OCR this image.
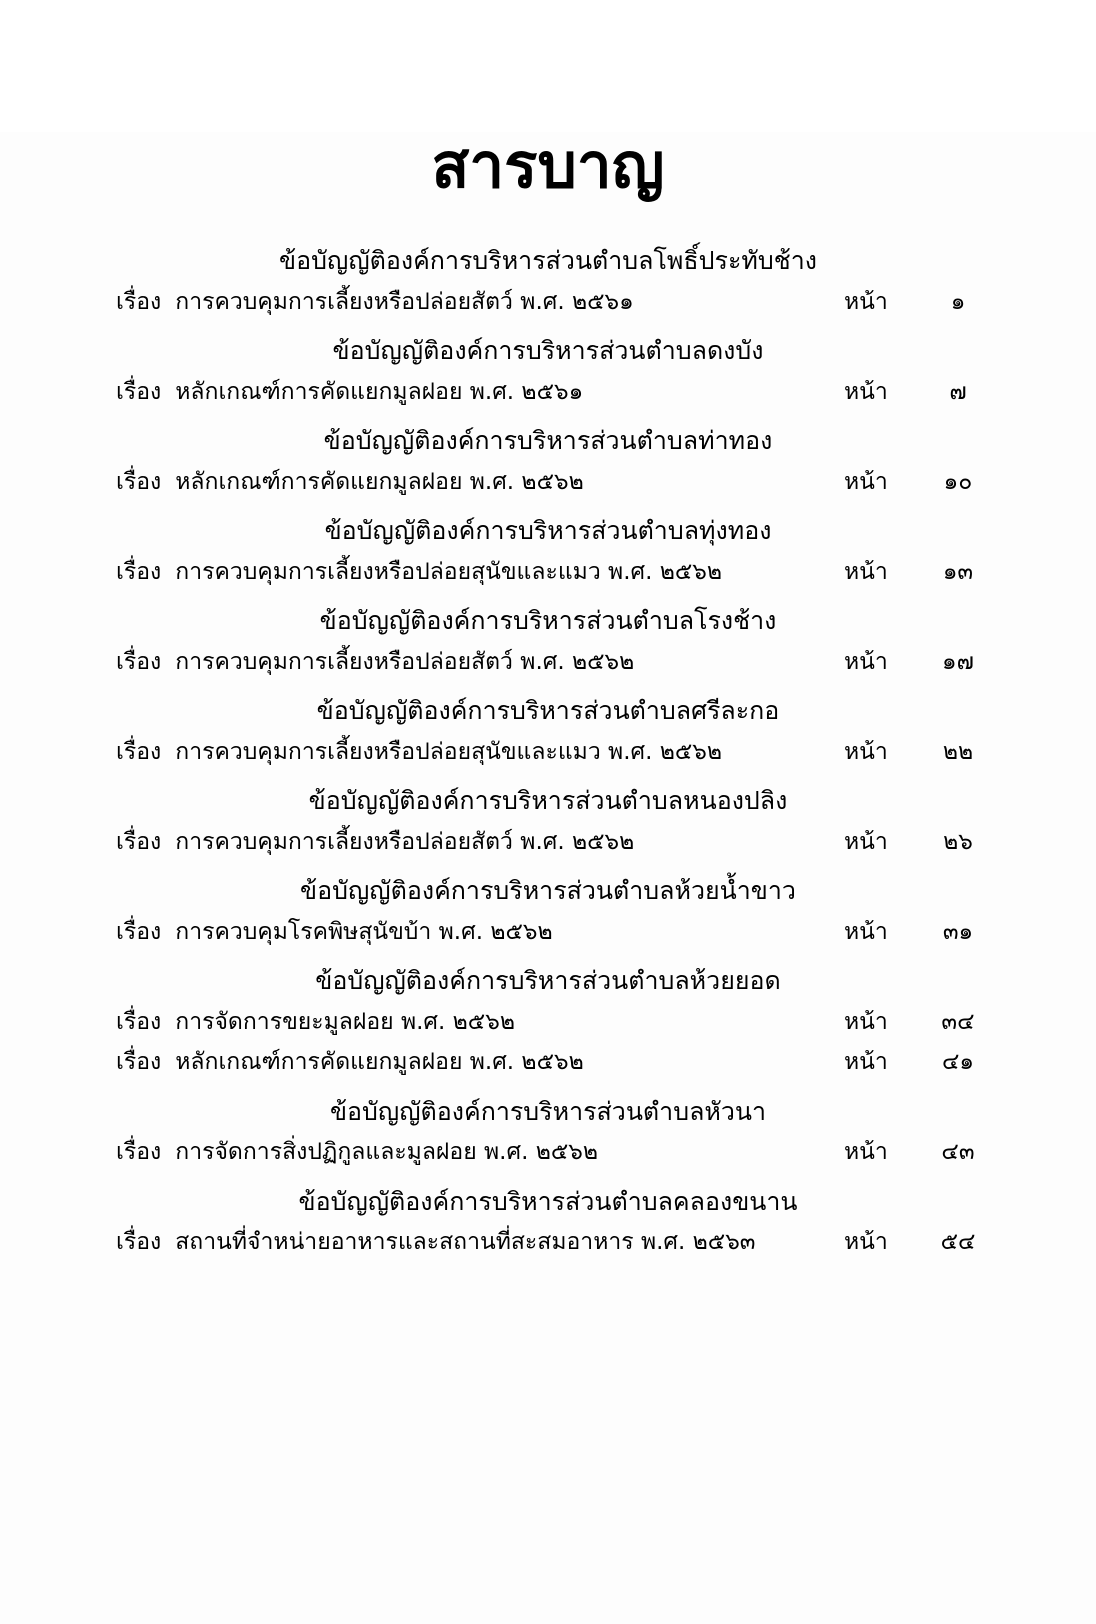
สารบาญ
ข้อบัญญัติองค์การบริหารส่วนตำบลโพธิ์ประทับช้าง
เรื่อง การควบคุมการเลี้ยงหรือปล่อยสัตว์ พ.ศ. ๒๕๖๑	หน้า	๑
ข้อบัญญัติองค์การบริหารส่วนตำบลดงบัง
เรื่อง หลักเกณฑ์การคัดแยกมูลฝอย พ.ศ. ๒๕๖๑	หน้า	๗
ข้อบัญญัติองค์การบริหารส่วนตำบลท่าทอง
เรื่อง หลักเกณฑ์การคัดแยกมูลฝอย พ.ศ. ๒๕๖๒	หน้า	๑๐
ข้อบัญญัติองค์การบริหารส่วนตำบลทุ่งทอง
เรื่อง การควบคุมการเลี้ยงหรือปล่อยสุนัขและแมว พ.ศ. ๒๕๖๒	หน้า	๑๓
ข้อบัญญัติองค์การบริหารส่วนตำบลโรงช้าง
เรื่อง การควบคุมการเลี้ยงหรือปล่อยสัตว์ พ.ศ. ๒๕๖๒	หน้า	๑๗
ข้อบัญญัติองค์การบริหารส่วนตำบลศรีละกอ
เรื่อง การควบคุมการเลี้ยงหรือปล่อยสุนัขและแมว พ.ศ. ๒๕๖๒	หน้า	๒๒
ข้อบัญญัติองค์การบริหารส่วนตำบลหนองปลิง
เรื่อง การควบคุมการเลี้ยงหรือปล่อยสัตว์ พ.ศ. ๒๕๖๒	หน้า	๒๖
ข้อบัญญัติองค์การบริหารส่วนตำบลห้วยน้ำขาว
เรื่อง การควบคุมโรคพิษสุนัขบ้า พ.ศ. ๒๕๖๒	หน้า	๓๑
ข้อบัญญัติองค์การบริหารส่วนตำบลห้วยยอด
เรื่อง การจัดการขยะมูลฝอย พ.ศ. ๒๕๖๒	หน้า	๓๔
เรื่อง หลักเกณฑ์การคัดแยกมูลฝอย พ.ศ. ๒๕๖๒	หน้า	๔๑
ข้อบัญญัติองค์การบริหารส่วนตำบลหัวนา
เรื่อง การจัดการสิ่งปฏิกูลและมูลฝอย พ.ศ. ๒๕๖๒	หน้า	๔๓
ข้อบัญญัติองค์การบริหารส่วนตำบลคลองขนาน
เรื่อง สถานที่จำหน่ายอาหารและสถานที่สะสมอาหาร พ.ศ. ๒๕๖๓	หน้า	๕๔
